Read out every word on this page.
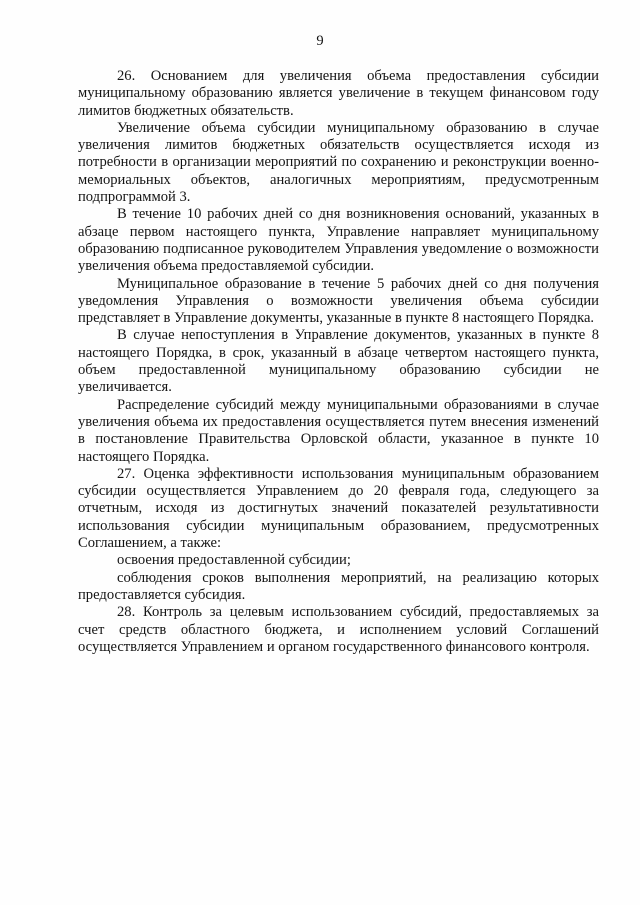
9

26. Основанием для увеличения объема предоставления субсидии муниципальному образованию является увеличение в текущем финансовом году лимитов бюджетных обязательств.

Увеличение объема субсидии муниципальному образованию в случае увеличения лимитов бюджетных обязательств осуществляется исходя из потребности в организации мероприятий по сохранению и реконструкции военно-мемориальных объектов, аналогичных мероприятиям, предусмотренным подпрограммой 3.

В течение 10 рабочих дней со дня возникновения оснований, указанных в абзаце первом настоящего пункта, Управление направляет муниципальному образованию подписанное руководителем Управления уведомление о возможности увеличения объема предоставляемой субсидии.

Муниципальное образование в течение 5 рабочих дней со дня получения уведомления Управления о возможности увеличения объема субсидии представляет в Управление документы, указанные в пункте 8 настоящего Порядка.

В случае непоступления в Управление документов, указанных в пункте 8 настоящего Порядка, в срок, указанный в абзаце четвертом настоящего пункта, объем предоставленной муниципальному образованию субсидии не увеличивается.

Распределение субсидий между муниципальными образованиями в случае увеличения объема их предоставления осуществляется путем внесения изменений в постановление Правительства Орловской области, указанное в пункте 10 настоящего Порядка.

27. Оценка эффективности использования муниципальным образованием субсидии осуществляется Управлением до 20 февраля года, следующего за отчетным, исходя из достигнутых значений показателей результативности использования субсидии муниципальным образованием, предусмотренных Соглашением, а также:

освоения предоставленной субсидии;

соблюдения сроков выполнения мероприятий, на реализацию которых предоставляется субсидия.

28. Контроль за целевым использованием субсидий, предоставляемых за счет средств областного бюджета, и исполнением условий Соглашений осуществляется Управлением и органом государственного финансового контроля.
